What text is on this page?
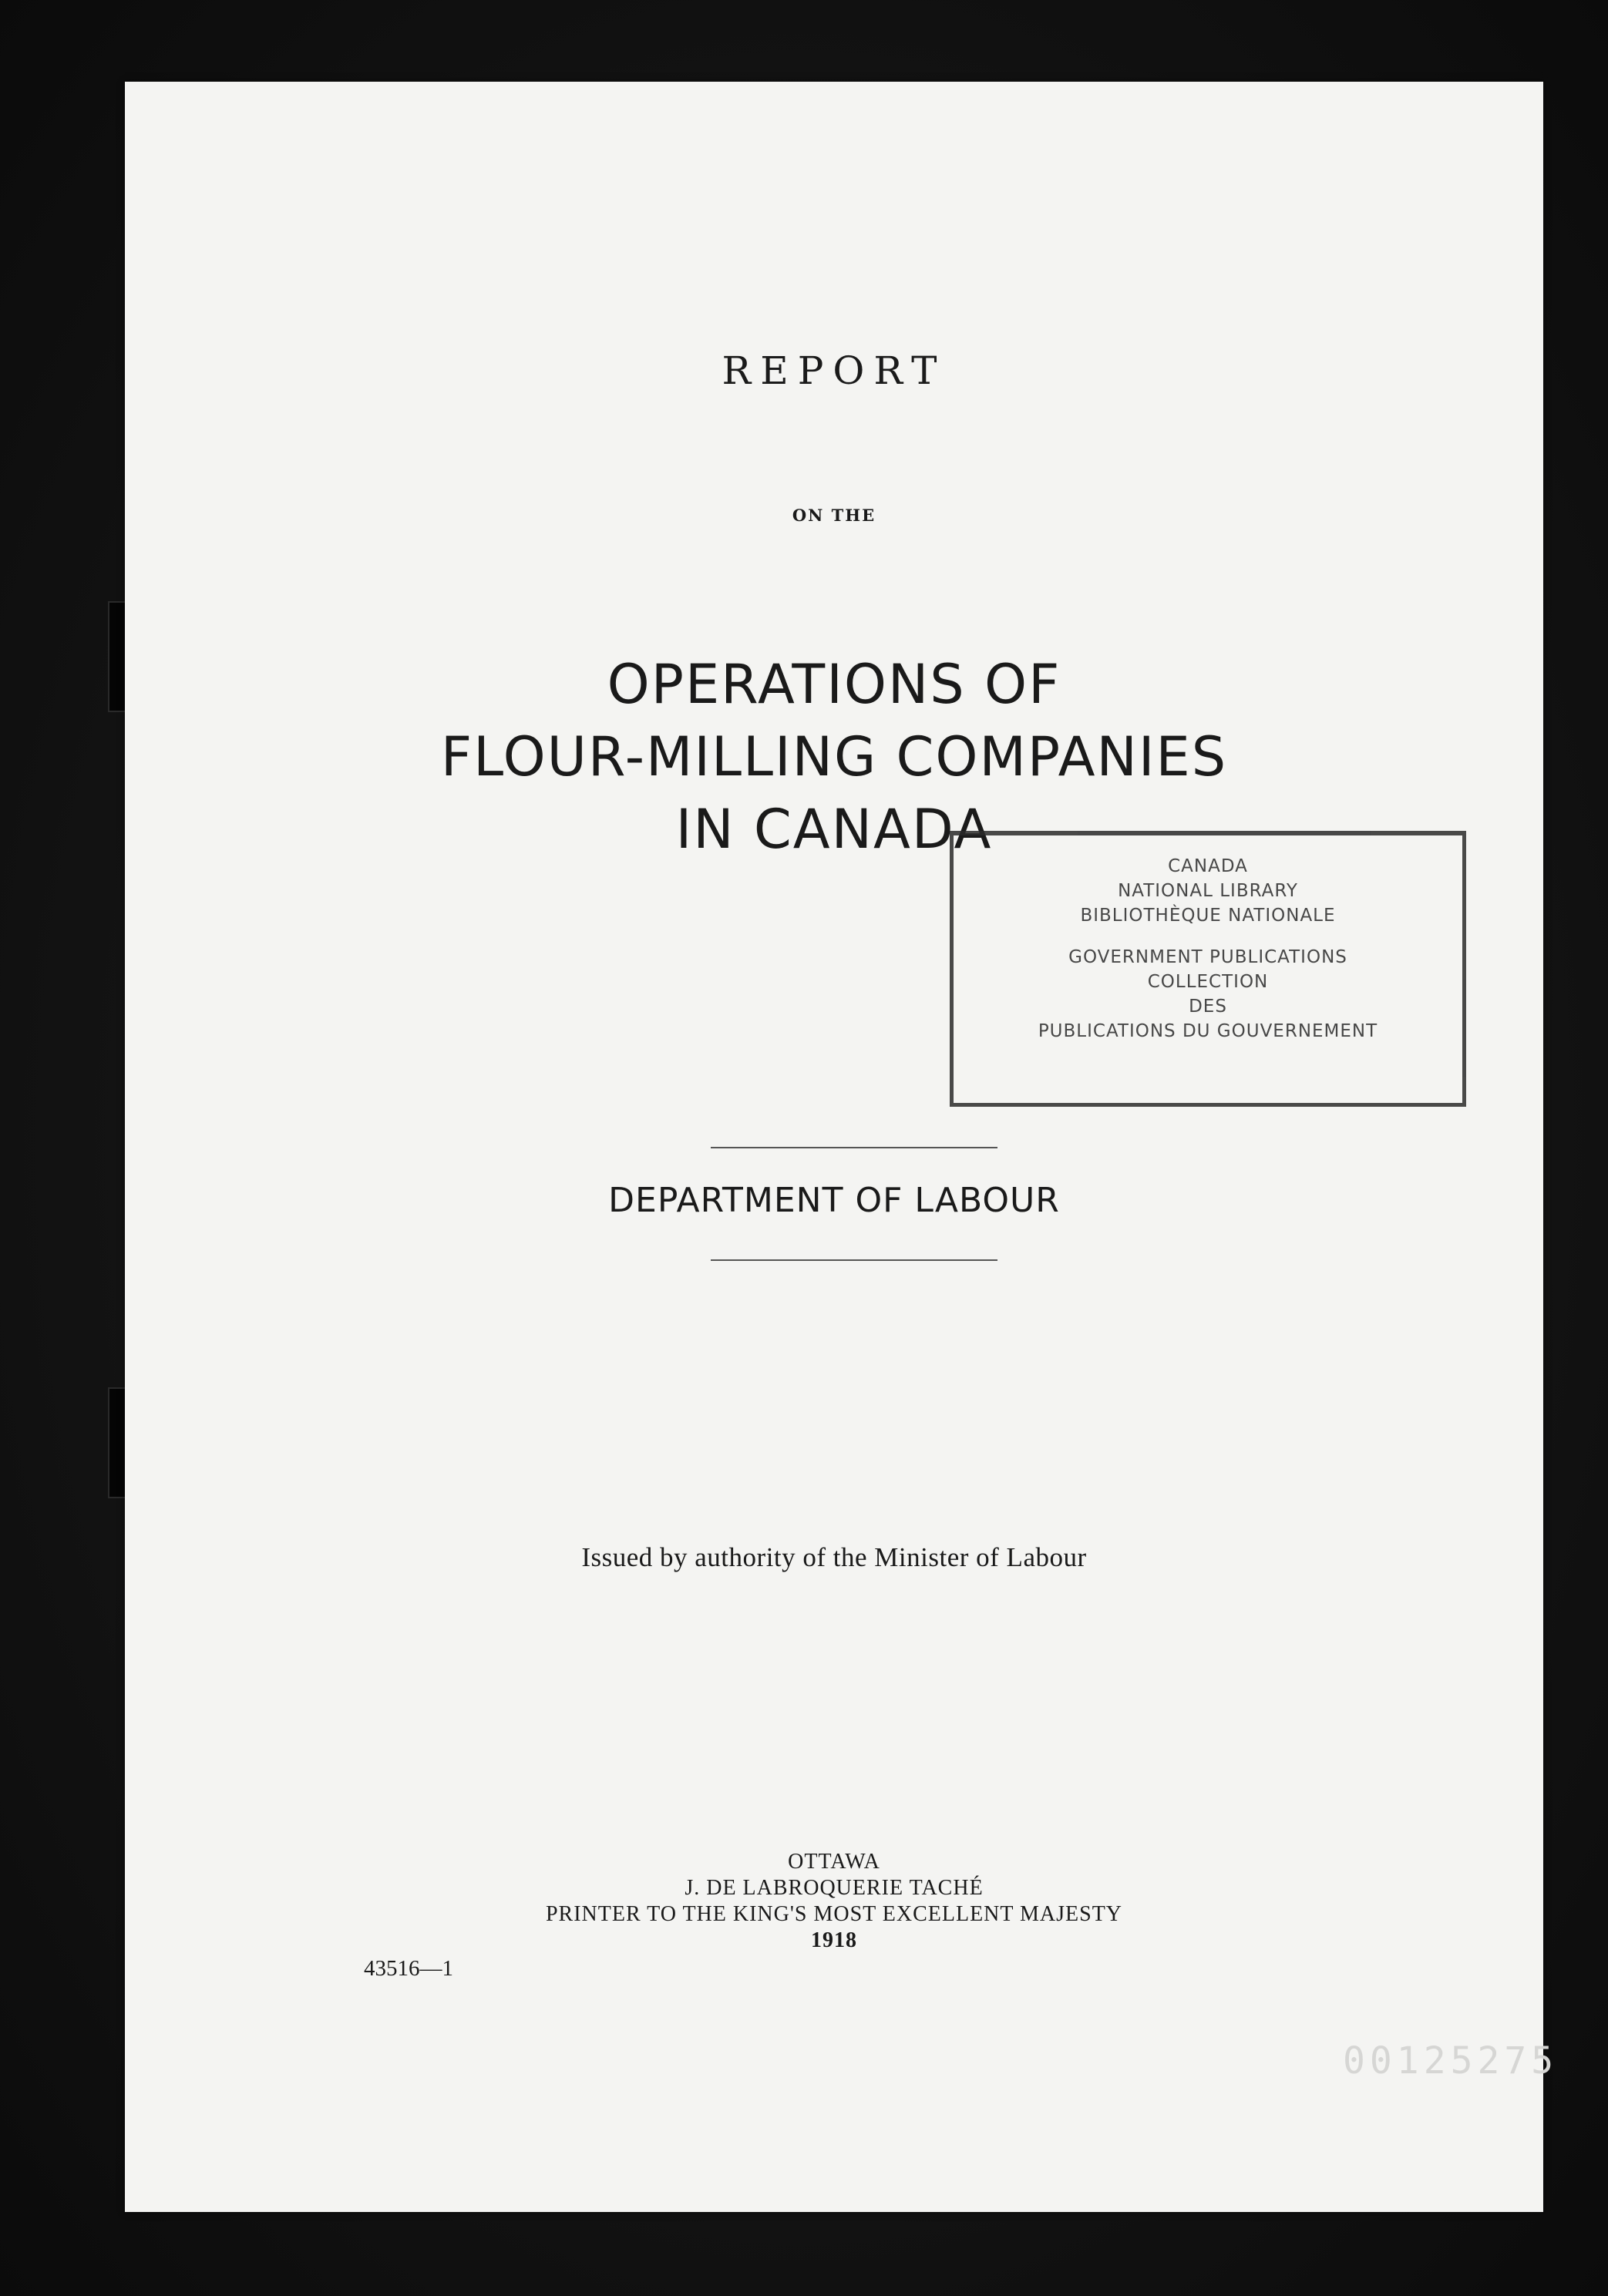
REPORT
ON THE
OPERATIONS OF
FLOUR-MILLING COMPANIES
IN CANADA
DEPARTMENT OF LABOUR
Issued by authority of the Minister of Labour
OTTAWA
J. DE LABROQUERIE TACHÉ
PRINTER TO THE KING'S MOST EXCELLENT MAJESTY
1918
43516—1
CANADA
NATIONAL LIBRARY
BIBLIOTHÈQUE NATIONALE
GOVERNMENT PUBLICATIONS
COLLECTION
DES
PUBLICATIONS DU GOUVERNEMENT
00125275
